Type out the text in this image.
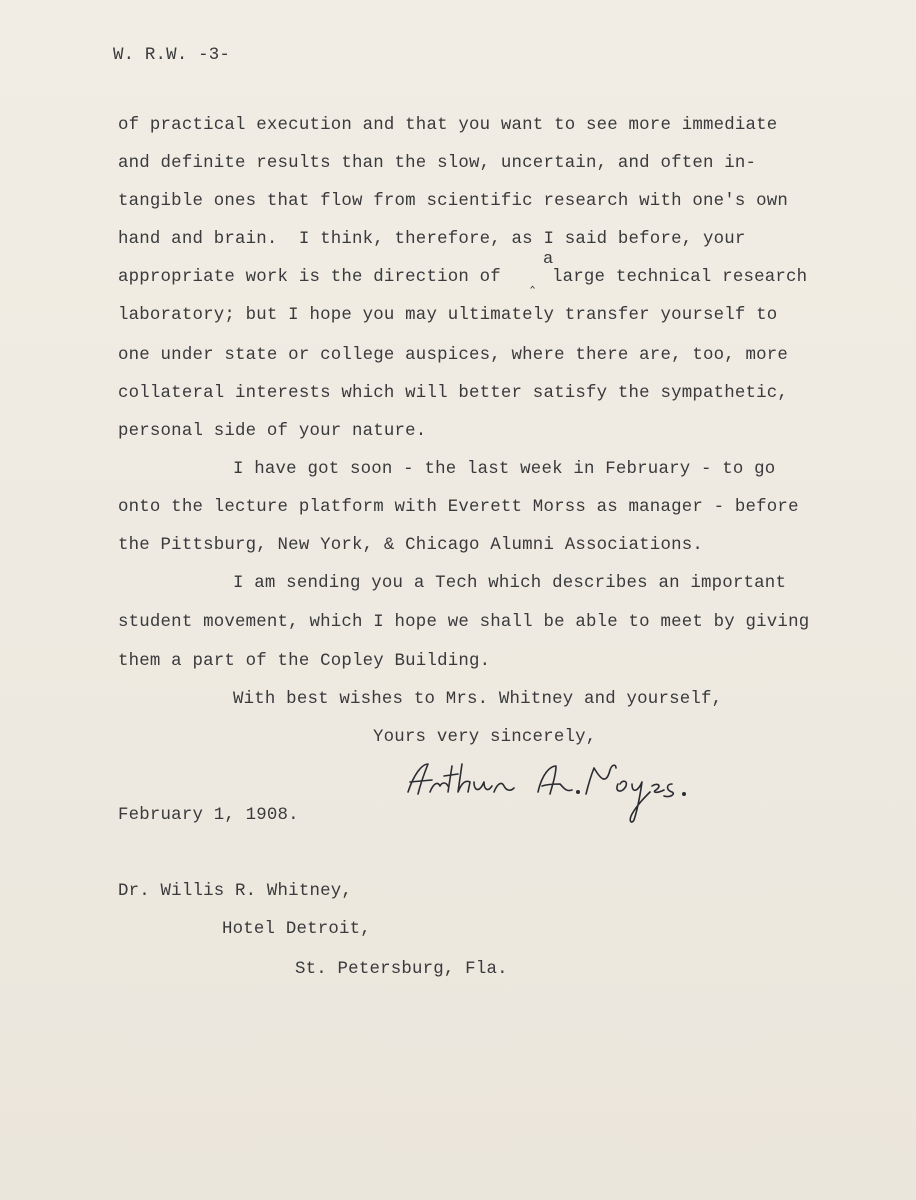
W. R.W. -3-
of practical execution and that you want to see more immediate
and definite results than the slow, uncertain, and often in-
tangible ones that flow from scientific research with one's own
hand and brain.  I think, therefore, as I said before, your
a
appropriate work is the direction of ‸ large technical research
laboratory; but I hope you may ultimately transfer yourself to
one under state or college auspices, where there are, too, more
collateral interests which will better satisfy the sympathetic,
personal side of your nature.
I have got soon - the last week in February - to go
onto the lecture platform with Everett Morss as manager - before
the Pittsburg, New York, & Chicago Alumni Associations.
I am sending you a Tech which describes an important
student movement, which I hope we shall be able to meet by giving
them a part of the Copley Building.
With best wishes to Mrs. Whitney and yourself,
Yours very sincerely,
February 1, 1908.
Dr. Willis R. Whitney,
Hotel Detroit,
St. Petersburg, Fla.
